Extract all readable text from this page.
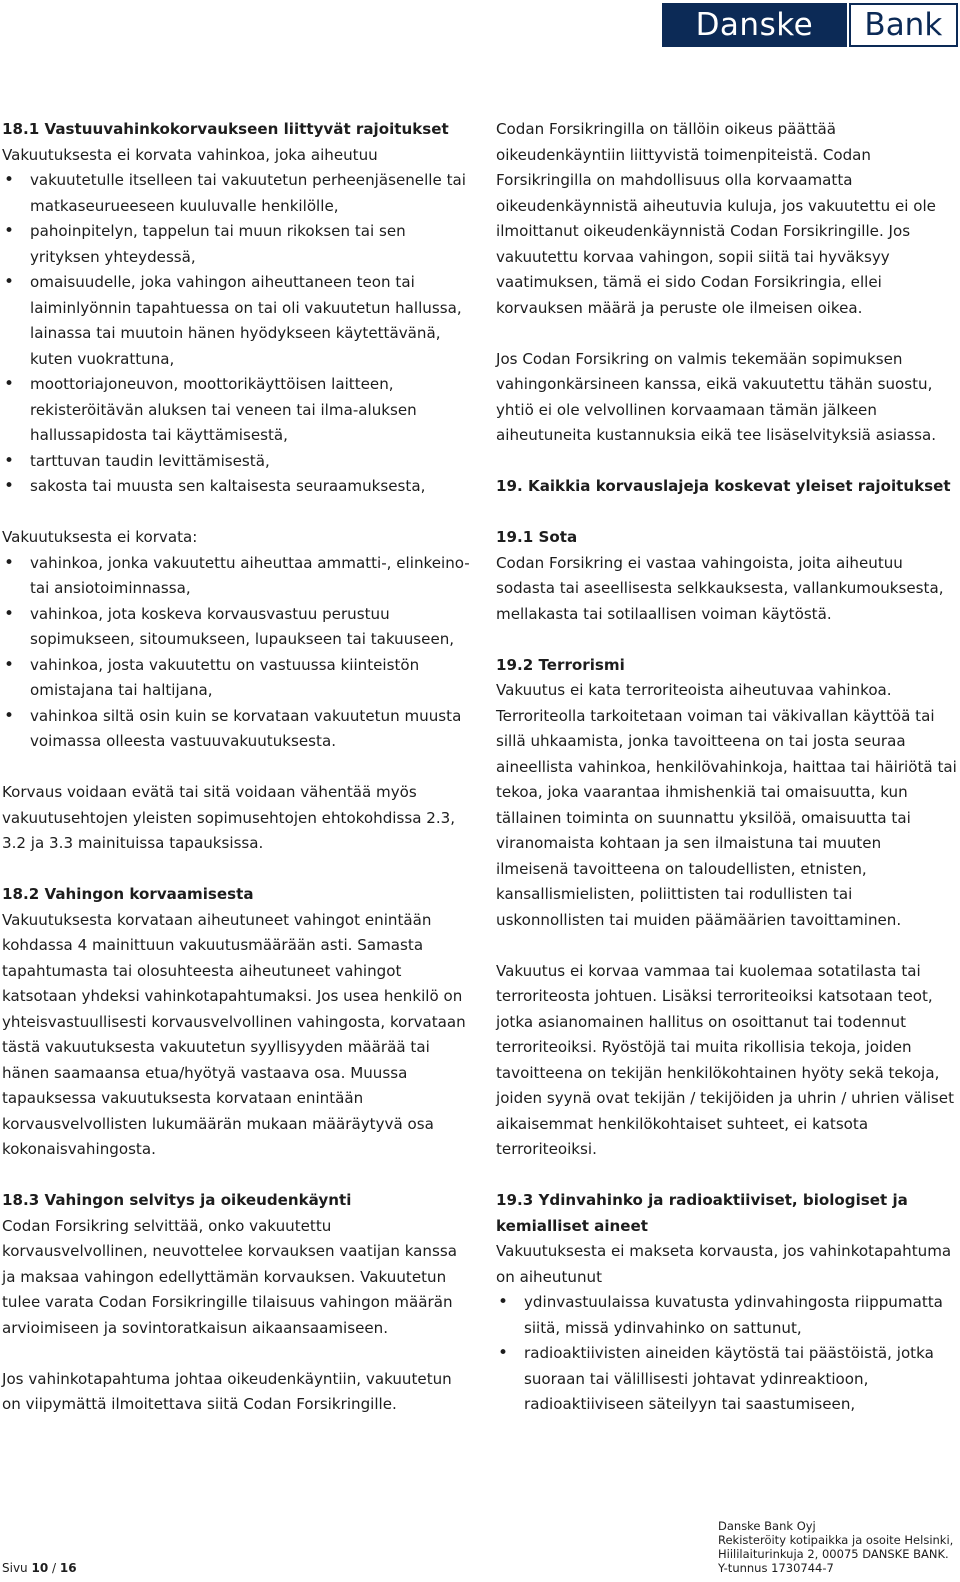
Danske	Bank
18.1 Vastuuvahinkokorvaukseen liittyvät rajoitukset

Vakuutuksesta ei korvata vahinkoa, joka aiheutuu

• vakuutetulle itselleen tai vakuutetun perheenjäsenelle tai matkaseurueeseen kuuluvalle henkilölle,
• pahoinpitelyn, tappelun tai muun rikoksen tai sen yrityksen yhteydessä,
• omaisuudelle, joka vahingon aiheuttaneen teon tai laiminlyönnin tapahtuessa on tai oli vakuutetun hallussa, lainassa tai muutoin hänen hyödykseen käytettävänä, kuten vuokrattuna,
• moottoriajoneuvon, moottorikäyttöisen laitteen, rekisteröitävän aluksen tai veneen tai ilma-aluksen hallussapidosta tai käyttämisestä,
• tarttuvan taudin levittämisestä,
• sakosta tai muusta sen kaltaisesta seuraamuksesta,

Vakuutuksesta ei korvata:

• vahinkoa, jonka vakuutettu aiheuttaa ammatti-, elinkeino- tai ansiotoiminnassa,
• vahinkoa, jota koskeva korvausvastuu perustuu sopimukseen, sitoumukseen, lupaukseen tai takuuseen,
• vahinkoa, josta vakuutettu on vastuussa kiinteistön omistajana tai haltijana,
• vahinkoa siltä osin kuin se korvataan vakuutetun muusta voimassa olleesta vastuuvakuutuksesta.

Korvaus voidaan evätä tai sitä voidaan vähentää myös vakuutusehtojen yleisten sopimusehtojen ehtokohdissa 2.3, 3.2 ja 3.3 mainituissa tapauksissa.

18.2 Vahingon korvaamisesta

Vakuutuksesta korvataan aiheutuneet vahingot enintään kohdassa 4 mainittuun vakuutusmäärään asti. Samasta tapahtumasta tai olosuhteesta aiheutuneet vahingot katsotaan yhdeksi vahinkotapahtumaksi. Jos usea henkilö on yhteisvastuullisesti korvausvelvollinen vahingosta, korvataan tästä vakuutuksesta vakuutetun syyllisyyden määrää tai hänen saamaansa etua/hyötyä vastaava osa. Muussa tapauksessa vakuutuksesta korvataan enintään korvausvelvollisten lukumäärän mukaan määräytyvä osa kokonaisvahingosta.

18.3 Vahingon selvitys ja oikeudenkäynti

Codan Forsikring selvittää, onko vakuutettu korvausvelvollinen, neuvottelee korvauksen vaatijan kanssa ja maksaa vahingon edellyttämän korvauksen. Vakuutetun tulee varata Codan Forsikringille tilaisuus vahingon määrän arvioimiseen ja sovintoratkaisun aikaansaamiseen.

Jos vahinkotapahtuma johtaa oikeudenkäyntiin, vakuutetun on viipymättä ilmoitettava siitä Codan Forsikringille.

Codan Forsikringilla on tällöin oikeus päättää oikeudenkäyntiin liittyvistä toimenpiteistä. Codan Forsikringilla on mahdollisuus olla korvaamatta oikeudenkäynnistä aiheutuvia kuluja, jos vakuutettu ei ole ilmoittanut oikeudenkäynnistä Codan Forsikringille. Jos vakuutettu korvaa vahingon, sopii siitä tai hyväksyy vaatimuksen, tämä ei sido Codan Forsikringia, ellei korvauksen määrä ja peruste ole ilmeisen oikea.

Jos Codan Forsikring on valmis tekemään sopimuksen vahingonkärsineen kanssa, eikä vakuutettu tähän suostu, yhtiö ei ole velvollinen korvaamaan tämän jälkeen aiheutuneita kustannuksia eikä tee lisäselvityksiä asiassa.

19. Kaikkia korvauslajeja koskevat yleiset rajoitukset
19.1 Sota

Codan Forsikring ei vastaa vahingoista, joita aiheutuu sodasta tai aseellisesta selkkauksesta, vallankumouksesta, mellakasta tai sotilaallisen voiman käytöstä.

19.2 Terrorismi

Vakuutus ei kata terroriteoista aiheutuvaa vahinkoa. Terroriteolla tarkoitetaan voiman tai väkivallan käyttöä tai sillä uhkaamista, jonka tavoitteena on tai josta seuraa aineellista vahinkoa, henkilövahinkoja, haittaa tai häiriötä tai tekoa, joka vaarantaa ihmishenkiä tai omaisuutta, kun tällainen toiminta on suunnattu yksilöä, omaisuutta tai viranomaista kohtaan ja sen ilmaistuna tai muuten ilmeisenä tavoitteena on taloudellisten, etnisten, kansallismielisten, poliittisten tai rodullisten tai uskonnollisten tai muiden päämäärien tavoittaminen.

Vakuutus ei korvaa vammaa tai kuolemaa sotatilasta tai terroriteosta johtuen. Lisäksi terroriteoiksi katsotaan teot, jotka asianomainen hallitus on osoittanut tai todennut terroriteoiksi. Ryöstöjä tai muita rikollisia tekoja, joiden tavoitteena on tekijän henkilökohtainen hyöty sekä tekoja, joiden syynä ovat tekijän / tekijöiden ja uhrin / uhrien väliset aikaisemmat henkilökohtaiset suhteet, ei katsota terroriteoiksi.

19.3 Ydinvahinko ja radioaktiiviset, biologiset ja kemialliset aineet

Vakuutuksesta ei makseta korvausta, jos vahinkotapahtuma on aiheutunut

• ydinvastuulaissa kuvatusta ydinvahingosta riippumatta siitä, missä ydinvahinko on sattunut,
• radioaktiivisten aineiden käytöstä tai päästöistä, jotka suoraan tai välillisesti johtavat ydinreaktioon, radioaktiiviseen säteilyyn tai saastumiseen,
Sivu 10 / 16
Danske Bank Oyj
Rekisteröity kotipaikka ja osoite Helsinki,
Hiililaiturinkuja 2, 00075 DANSKE BANK.
Y-tunnus 1730744-7
